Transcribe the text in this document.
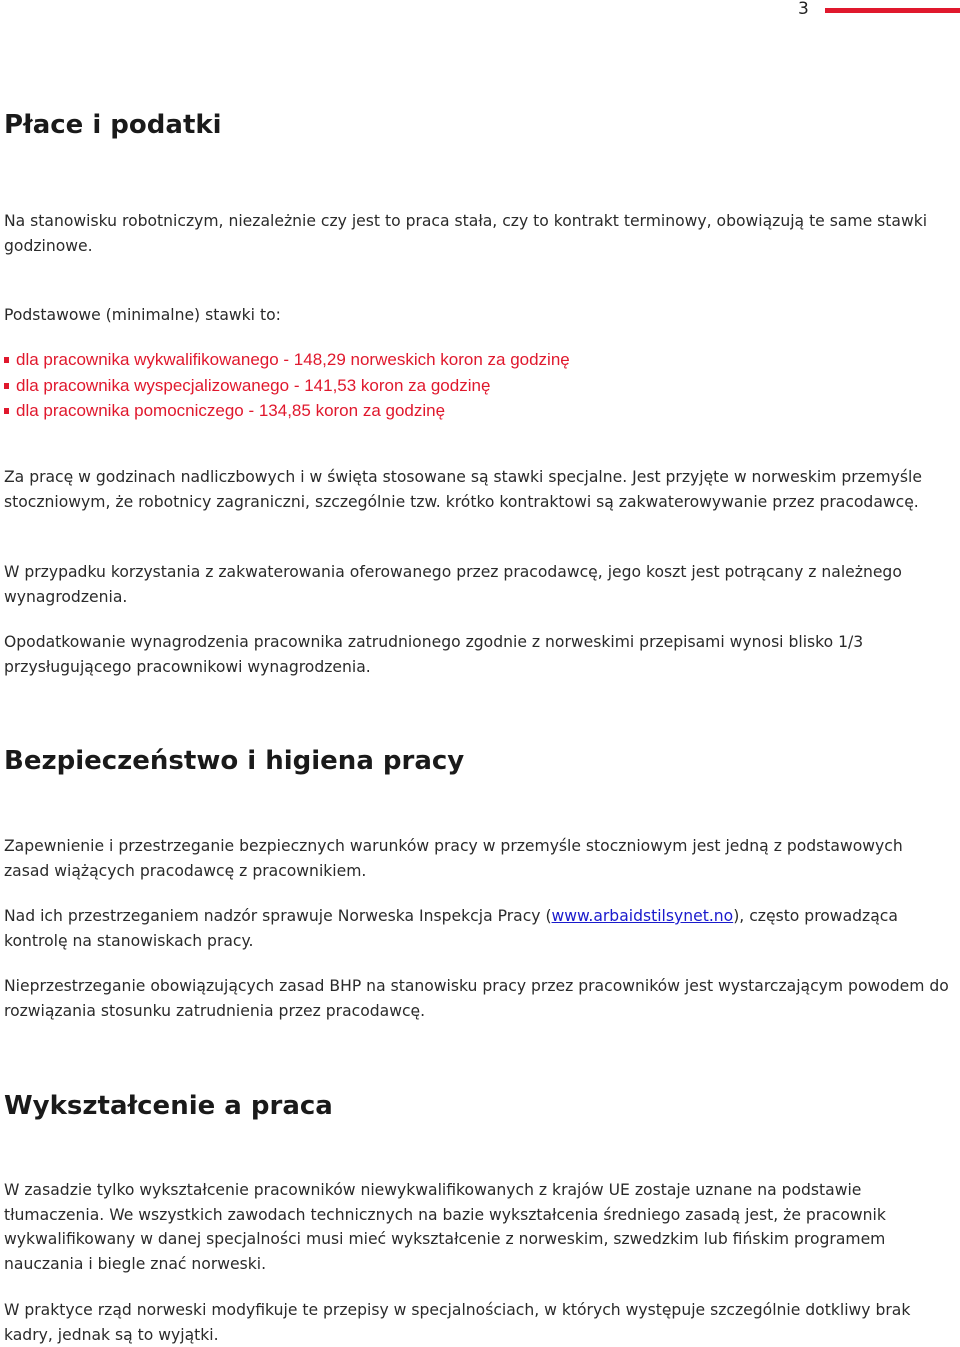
3
Płace i podatki

Na stanowisku robotniczym, niezależnie czy jest to praca stała, czy to kontrakt terminowy, obowiązują te same stawki godzinowe.

Podstawowe (minimalne) stawki to:

dla pracownika wykwalifikowanego - 148,29 norweskich koron za godzinę
dla pracownika wyspecjalizowanego - 141,53 koron za godzinę
dla pracownika pomocniczego - 134,85 koron za godzinę

Za pracę w godzinach nadliczbowych i w święta stosowane są stawki specjalne. Jest przyjęte w norweskim przemyśle stoczniowym, że robotnicy zagraniczni, szczególnie tzw. krótko kontraktowi są zakwaterowywanie przez pracodawcę.

W przypadku korzystania z zakwaterowania oferowanego przez pracodawcę, jego koszt jest potrącany z należnego wynagrodzenia.

Opodatkowanie wynagrodzenia pracownika zatrudnionego zgodnie z norweskimi przepisami wynosi blisko 1/3 przysługującego pracownikowi wynagrodzenia.

Bezpieczeństwo i higiena pracy

Zapewnienie i przestrzeganie bezpiecznych warunków pracy w przemyśle stoczniowym jest jedną z podstawowych zasad wiążących pracodawcę z pracownikiem.

Nad ich przestrzeganiem nadzór sprawuje Norweska Inspekcja Pracy (www.arbaidstilsynet.no), często prowadząca kontrolę na stanowiskach pracy.

Nieprzestrzeganie obowiązujących zasad BHP na stanowisku pracy przez pracowników jest wystarczającym powodem do rozwiązania stosunku zatrudnienia przez pracodawcę.

Wykształcenie a praca

W zasadzie tylko wykształcenie pracowników niewykwalifikowanych z krajów UE zostaje uznane na podstawie tłumaczenia. We wszystkich zawodach technicznych na bazie wykształcenia średniego zasadą jest, że pracownik wykwalifikowany w danej specjalności musi mieć wykształcenie z norweskim, szwedzkim lub fińskim programem nauczania i biegle znać norweski.

W praktyce rząd norweski modyfikuje te przepisy w specjalnościach, w których występuje szczególnie dotkliwy brak kadry, jednak są to wyjątki.
